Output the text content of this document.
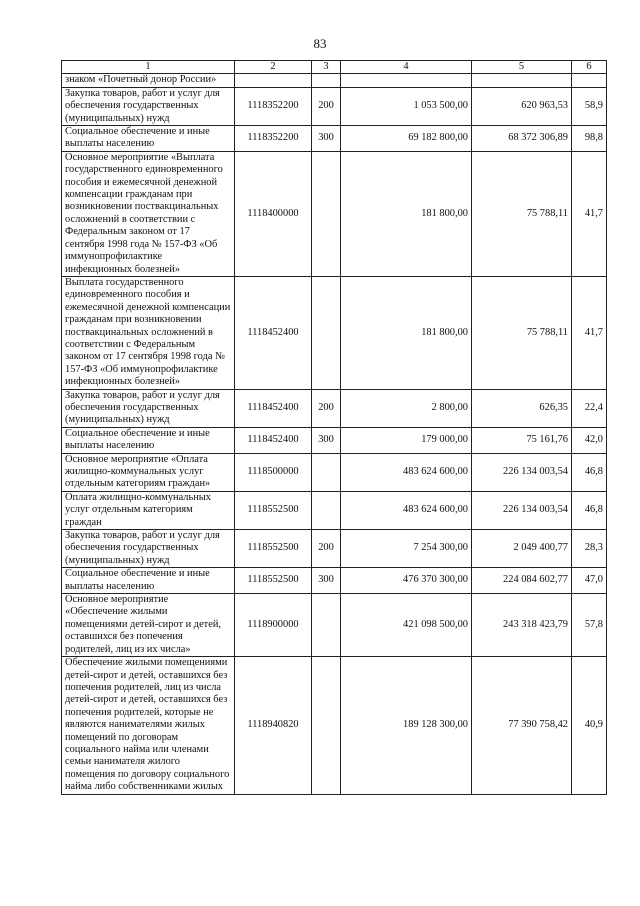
83
1	2	3	4	5	6
знаком «Почетный донор России»					
Закупка товаров, работ и услуг для обеспечения государственных (муниципальных) нужд	1118352200	200	1 053 500,00	620 963,53	58,9
Социальное обеспечение и иные выплаты населению	1118352200	300	69 182 800,00	68 372 306,89	98,8
Основное мероприятие «Выплата государственного единовременного пособия и ежемесячной денежной компенсации гражданам при возникновении поствакцинальных осложнений в соответствии с Федеральным законом от 17 сентября 1998 года № 157-ФЗ «Об иммунопрофилактике инфекционных болезней»	1118400000		181 800,00	75 788,11	41,7
Выплата государственного единовременного пособия и ежемесячной денежной компенсации гражданам при возникновении поствакцинальных осложнений в соответствии с Федеральным законом от 17 сентября 1998 года № 157-ФЗ «Об иммунопрофилактике инфекционных болезней»	1118452400		181 800,00	75 788,11	41,7
Закупка товаров, работ и услуг для обеспечения государственных (муниципальных) нужд	1118452400	200	2 800,00	626,35	22,4
Социальное обеспечение и иные выплаты населению	1118452400	300	179 000,00	75 161,76	42,0
Основное мероприятие «Оплата жилищно-коммунальных услуг отдельным категориям граждан»	1118500000		483 624 600,00	226 134 003,54	46,8
Оплата жилищно-коммунальных услуг отдельным категориям граждан	1118552500		483 624 600,00	226 134 003,54	46,8
Закупка товаров, работ и услуг для обеспечения государственных (муниципальных) нужд	1118552500	200	7 254 300,00	2 049 400,77	28,3
Социальное обеспечение и иные выплаты населению	1118552500	300	476 370 300,00	224 084 602,77	47,0
Основное мероприятие «Обеспечение жилыми помещениями детей-сирот и детей, оставшихся без попечения родителей, лиц из их числа»	1118900000		421 098 500,00	243 318 423,79	57,8
Обеспечение жилыми помещениями детей-сирот и детей, оставшихся без попечения родителей, лиц из числа детей-сирот и детей, оставшихся без попечения родителей, которые не являются нанимателями жилых помещений по договорам социального найма или членами семьи нанимателя жилого помещения по договору социального найма либо собственниками жилых	1118940820		189 128 300,00	77 390 758,42	40,9
